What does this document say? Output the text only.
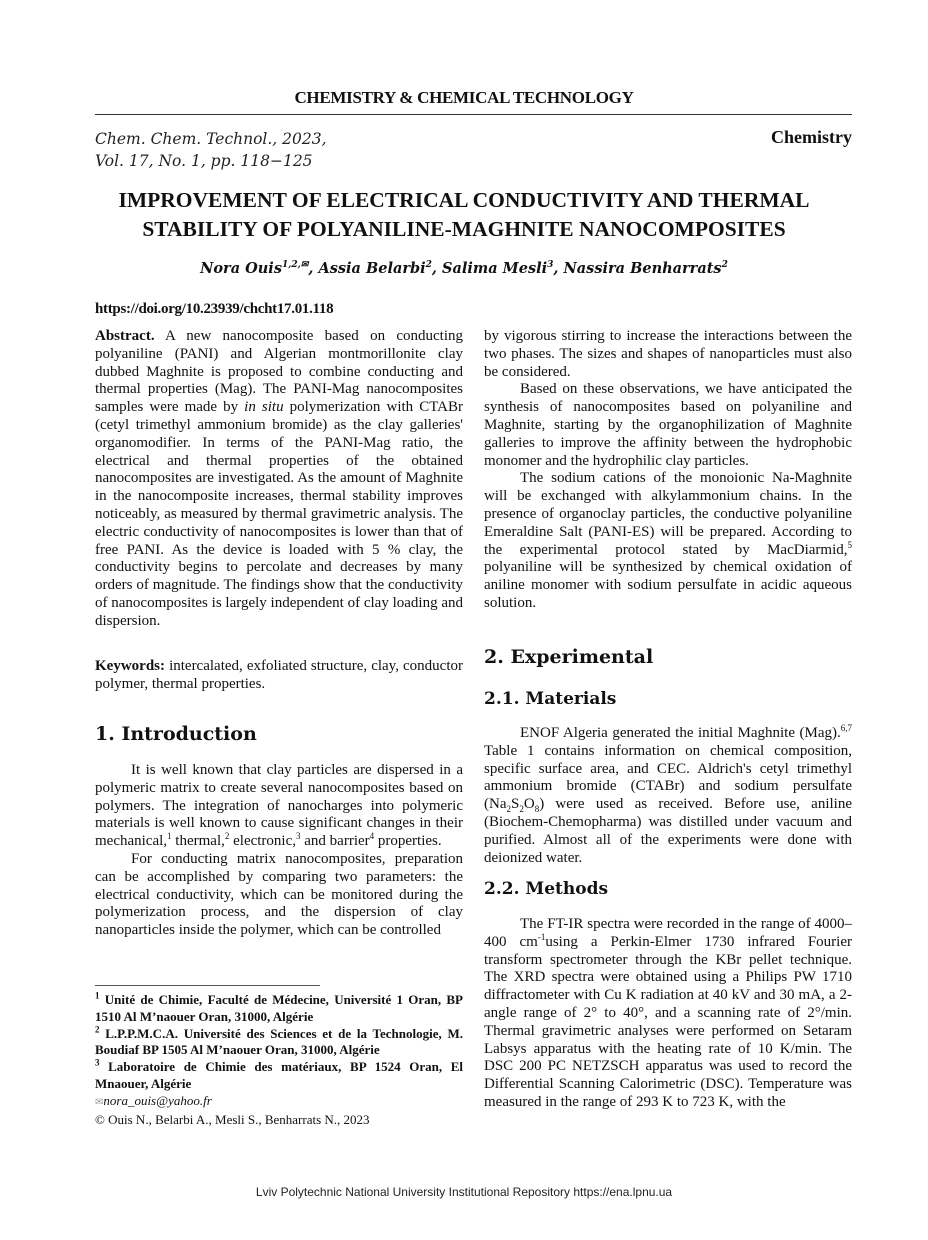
CHEMISTRY & CHEMICAL TECHNOLOGY
Chem. Chem. Technol., 2023,
Vol. 17, No. 1, pp. 118−125
Chemistry
IMPROVEMENT OF ELECTRICAL CONDUCTIVITY AND THERMAL
STABILITY OF POLYANILINE-MAGHNITE NANOCOMPOSITES
Nora Ouis$^{1,2,✉}$, Assia Belarbi$^2$, Salima Mesli$^3$, Nassira Benharrats$^2$
https://doi.org/10.23939/chcht17.01.118

Abstract. A new nanocomposite based on conducting polyaniline (PANI) and Algerian montmorillonite clay dubbed Maghnite is proposed to combine conducting and thermal properties (Mag). The PANI-Mag nanocomposites samples were made by in situ polymerization with CTABr (cetyl trimethyl ammonium bromide) as the clay galleries' organomodifier. In terms of the PANI-Mag ratio, the electrical and thermal properties of the obtained nanocomposites are investigated. As the amount of Maghnite in the nanocomposite increases, thermal stability improves noticeably, as measured by thermal gravimetric analysis. The electric conductivity of nanocomposites is lower than that of free PANI. As the device is loaded with 5 % clay, the conductivity begins to percolate and decreases by many orders of magnitude. The findings show that the conductivity of nanocomposites is largely independent of clay loading and dispersion.

Keywords: intercalated, exfoliated structure, clay, conductor polymer, thermal properties.

1. Introduction

It is well known that clay particles are dispersed in a polymeric matrix to create several nanocomposites based on polymers. The integration of nanocharges into polymeric materials is well known to cause significant changes in their mechanical,$^1$ thermal,$^2$ electronic,$^3$ and barrier$^4$ properties.

For conducting matrix nanocomposites, preparation can be accomplished by comparing two parameters: the electrical conductivity, which can be monitored during the polymerization process, and the dispersion of clay nanoparticles inside the polymer, which can be controlled

$^1$ Unité de Chimie, Faculté de Médecine, Université 1 Oran, BP 1510 Al M’naouer Oran, 31000, Algérie
$^2$ L.P.P.M.C.A. Université des Sciences et de la Technologie, M. Boudiaf BP 1505 Al M’naouer Oran, 31000, Algérie
$^3$ Laboratoire de Chimie des matériaux, BP 1524 Oran, El Mnaouer, Algérie
✉nora_ouis@yahoo.fr
© Ouis N., Belarbi A., Mesli S., Benharrats N., 2023

by vigorous stirring to increase the interactions between the two phases. The sizes and shapes of nanoparticles must also be considered.

Based on these observations, we have anticipated the synthesis of nanocomposites based on polyaniline and Maghnite, starting by the organophilization of Maghnite galleries to improve the affinity between the hydrophobic monomer and the hydrophilic clay particles.

The sodium cations of the monoionic Na-Maghnite will be exchanged with alkylammonium chains. In the presence of organoclay particles, the conductive polyaniline Emeraldine Salt (PANI-ES) will be prepared. According to the experimental protocol stated by MacDiarmid,$^5$ polyaniline will be synthesized by chemical oxidation of aniline monomer with sodium persulfate in acidic aqueous solution.

2. Experimental
2.1. Materials

ENOF Algeria generated the initial Maghnite (Mag).$^{6,7}$ Table 1 contains information on chemical composition, specific surface area, and CEC. Aldrich's cetyl trimethyl ammonium bromide (CTABr) and sodium persulfate $(Na_2S_2O_8)$ were used as received. Before use, aniline (Biochem-Chemopharma) was distilled under vacuum and purified. Almost all of the experiments were done with deionized water.

2.2. Methods

The FT-IR spectra were recorded in the range of 4000–400 $cm^{-1}using$ a Perkin-Elmer 1730 infrared Fourier transform spectrometer through the KBr pellet technique. The XRD spectra were obtained using a Philips PW 1710 diffractometer with Cu K radiation at 40 kV and 30 mA, a 2-angle range of 2° to 40°, and a scanning rate of 2°/min. Thermal gravimetric analyses were performed on Setaram Labsys apparatus with the heating rate of 10 K/min. The DSC 200 PC NETZSCH apparatus was used to record the Differential Scanning Calorimetric (DSC). Temperature was measured in the range of 293 K to 723 K, with the

Lviv Polytechnic National University Institutional Repository https://ena.lpnu.ua
